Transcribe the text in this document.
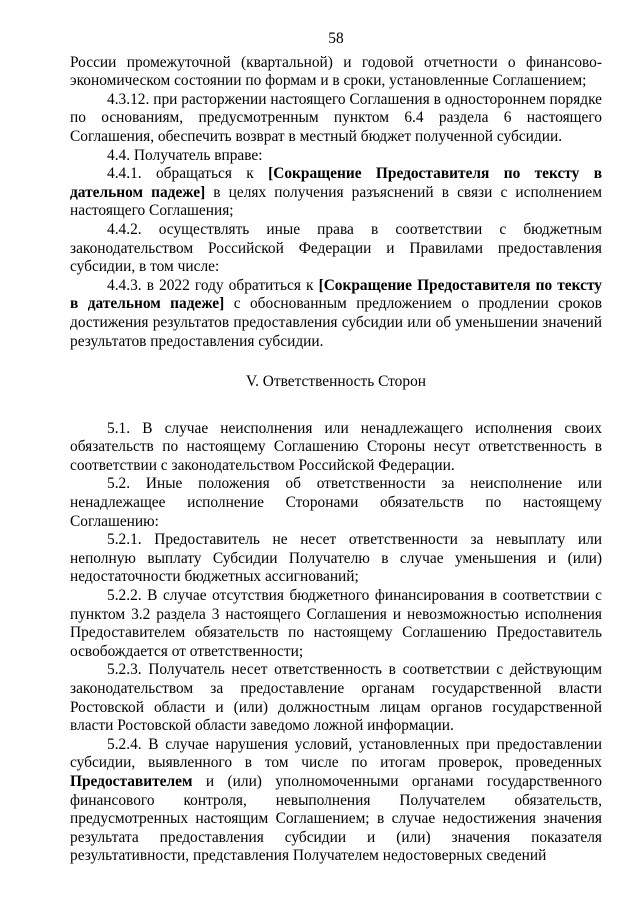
58

России промежуточной (квартальной) и годовой отчетности о финансово-экономическом состоянии по формам и в сроки, установленные Соглашением;

4.3.12. при расторжении настоящего Соглашения в одностороннем порядке по основаниям, предусмотренным пунктом 6.4 раздела 6 настоящего Соглашения, обеспечить возврат в местный бюджет полученной субсидии.

4.4. Получатель вправе:

4.4.1. обращаться к [Сокращение Предоставителя по тексту в дательном падеже] в целях получения разъяснений в связи с исполнением настоящего Соглашения;

4.4.2. осуществлять иные права в соответствии с бюджетным законодательством Российской Федерации и Правилами предоставления субсидии, в том числе:

4.4.3. в 2022 году обратиться к [Сокращение Предоставителя по тексту в дательном падеже] с обоснованным предложением о продлении сроков достижения результатов предоставления субсидии или об уменьшении значений результатов предоставления субсидии.

V. Ответственность Сторон

5.1. В случае неисполнения или ненадлежащего исполнения своих обязательств по настоящему Соглашению Стороны несут ответственность в соответствии с законодательством Российской Федерации.

5.2. Иные положения об ответственности за неисполнение или ненадлежащее исполнение Сторонами обязательств по настоящему Соглашению:

5.2.1. Предоставитель не несет ответственности за невыплату или неполную выплату Субсидии Получателю в случае уменьшения и (или) недостаточности бюджетных ассигнований;

5.2.2. В случае отсутствия бюджетного финансирования в соответствии с пунктом 3.2 раздела 3 настоящего Соглашения и невозможностью исполнения Предоставителем обязательств по настоящему Соглашению Предоставитель освобождается от ответственности;

5.2.3. Получатель несет ответственность в соответствии с действующим законодательством за предоставление органам государственной власти Ростовской области и (или) должностным лицам органов государственной власти Ростовской области заведомо ложной информации.

5.2.4. В случае нарушения условий, установленных при предоставлении субсидии, выявленного в том числе по итогам проверок, проведенных Предоставителем и (или) уполномоченными органами государственного финансового контроля, невыполнения Получателем обязательств, предусмотренных настоящим Соглашением; в случае недостижения значения результата предоставления субсидии и (или) значения показателя результативности, представления Получателем недостоверных сведений
